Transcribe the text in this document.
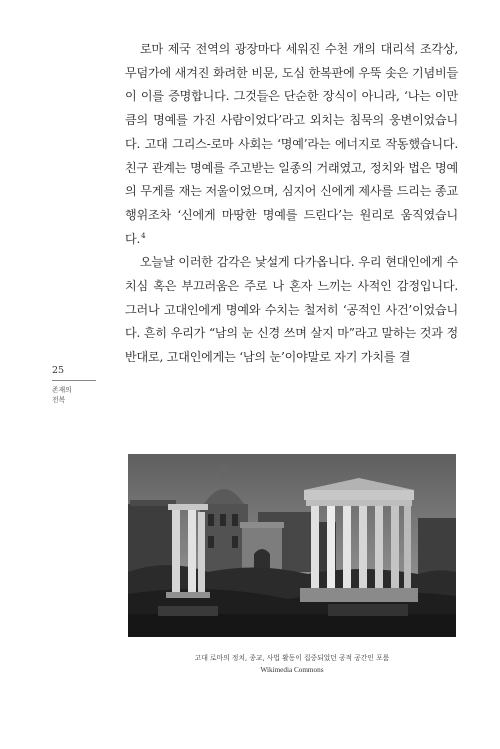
로마 제국 전역의 광장마다 세워진 수천 개의 대리석 조각상, 무덤가에 새겨진 화려한 비문, 도심 한복판에 우뚝 솟은 기념비들이 이를 증명합니다. 그것들은 단순한 장식이 아니라, ‘나는 이만큼의 명예를 가진 사람이었다’라고 외치는 침묵의 웅변이었습니다. 고대 그리스-로마 사회는 ‘명예’라는 에너지로 작동했습니다. 친구 관계는 명예를 주고받는 일종의 거래였고, 정치와 법은 명예의 무게를 재는 저울이었으며, 심지어 신에게 제사를 드리는 종교 행위조차 ‘신에게 마땅한 명예를 드린다’는 원리로 움직였습니다.$^4$

오늘날 이러한 감각은 낯설게 다가옵니다. 우리 현대인에게 수치심 혹은 부끄러움은 주로 나 혼자 느끼는 사적인 감정입니다. 그러나 고대인에게 명예와 수치는 철저히 ‘공적인 사건’이었습니다. 흔히 우리가 “남의 눈 신경 쓰며 살지 마”라고 말하는 것과 정반대로, 고대인에게는 ‘남의 눈’이야말로 자기 가치를 결

25
존재의
전복
고대 로마의 정치, 종교, 사법 활동이 집중되었던 공적 공간인 포룸
Wikimedia Commons
